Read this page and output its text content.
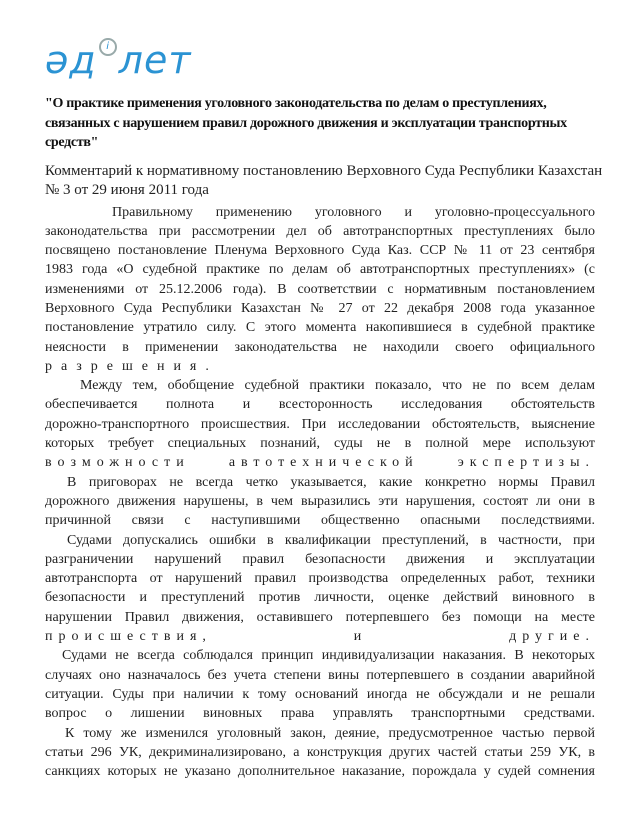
әд i лет
"О практике применения уголовного законодательства по делам о преступлениях, связанных с нарушением правил дорожного движения и эксплуатации транспортных средств"
Комментарий к нормативному постановлению Верховного Суда Республики Казахстан № 3 от 29 июня 2011 года
Правильному применению уголовного и уголовно-процессуального
законодательства при рассмотрении дел об автотранспортных преступлениях было
посвящено постановление Пленума Верховного Суда Каз. ССР № 11 от 23 сентября
1983 года «О судебной практике по делам об автотранспортных преступлениях» (с
изменениями от 25.12.2006 года). В соответствии с нормативным постановлением
Верховного Суда Республики Казахстан № 27 от 22 декабря 2008 года указанное
постановление утратило силу. С этого момента накопившиеся в судебной практике
неясности в применении законодательства не находили своего официального
разрешения.
Между тем, обобщение судебной практики показало, что не по всем делам
обеспечивается полнота и всесторонность исследования обстоятельств
дорожно-транспортного происшествия. При исследовании обстоятельств, выяснение
которых требует специальных познаний, суды не в полной мере используют
возможности автотехнической экспертизы.
В приговорах не всегда четко указывается, какие конкретно нормы Правил
дорожного движения нарушены, в чем выразились эти нарушения, состоят ли они в
причинной связи с наступившими общественно опасными последствиями.
Судами допускались ошибки в квалификации преступлений, в частности, при
разграничении нарушений правил безопасности движения и эксплуатации
автотранспорта от нарушений правил производства определенных работ, техники
безопасности и преступлений против личности, оценке действий виновного в
нарушении Правил движения, оставившего потерпевшего без помощи на месте
происшествия, и другие.
Судами не всегда соблюдался принцип индивидуализации наказания. В некоторых
случаях оно назначалось без учета степени вины потерпевшего в создании аварийной
ситуации. Суды при наличии к тому оснований иногда не обсуждали и не решали
вопрос о лишении виновных права управлять транспортными средствами.
К тому же изменился уголовный закон, деяние, предусмотренное частью первой
статьи 296 УК, декриминализировано, а конструкция других частей статьи 259 УК, в
санкциях которых не указано дополнительное наказание, порождала у судей сомнения
